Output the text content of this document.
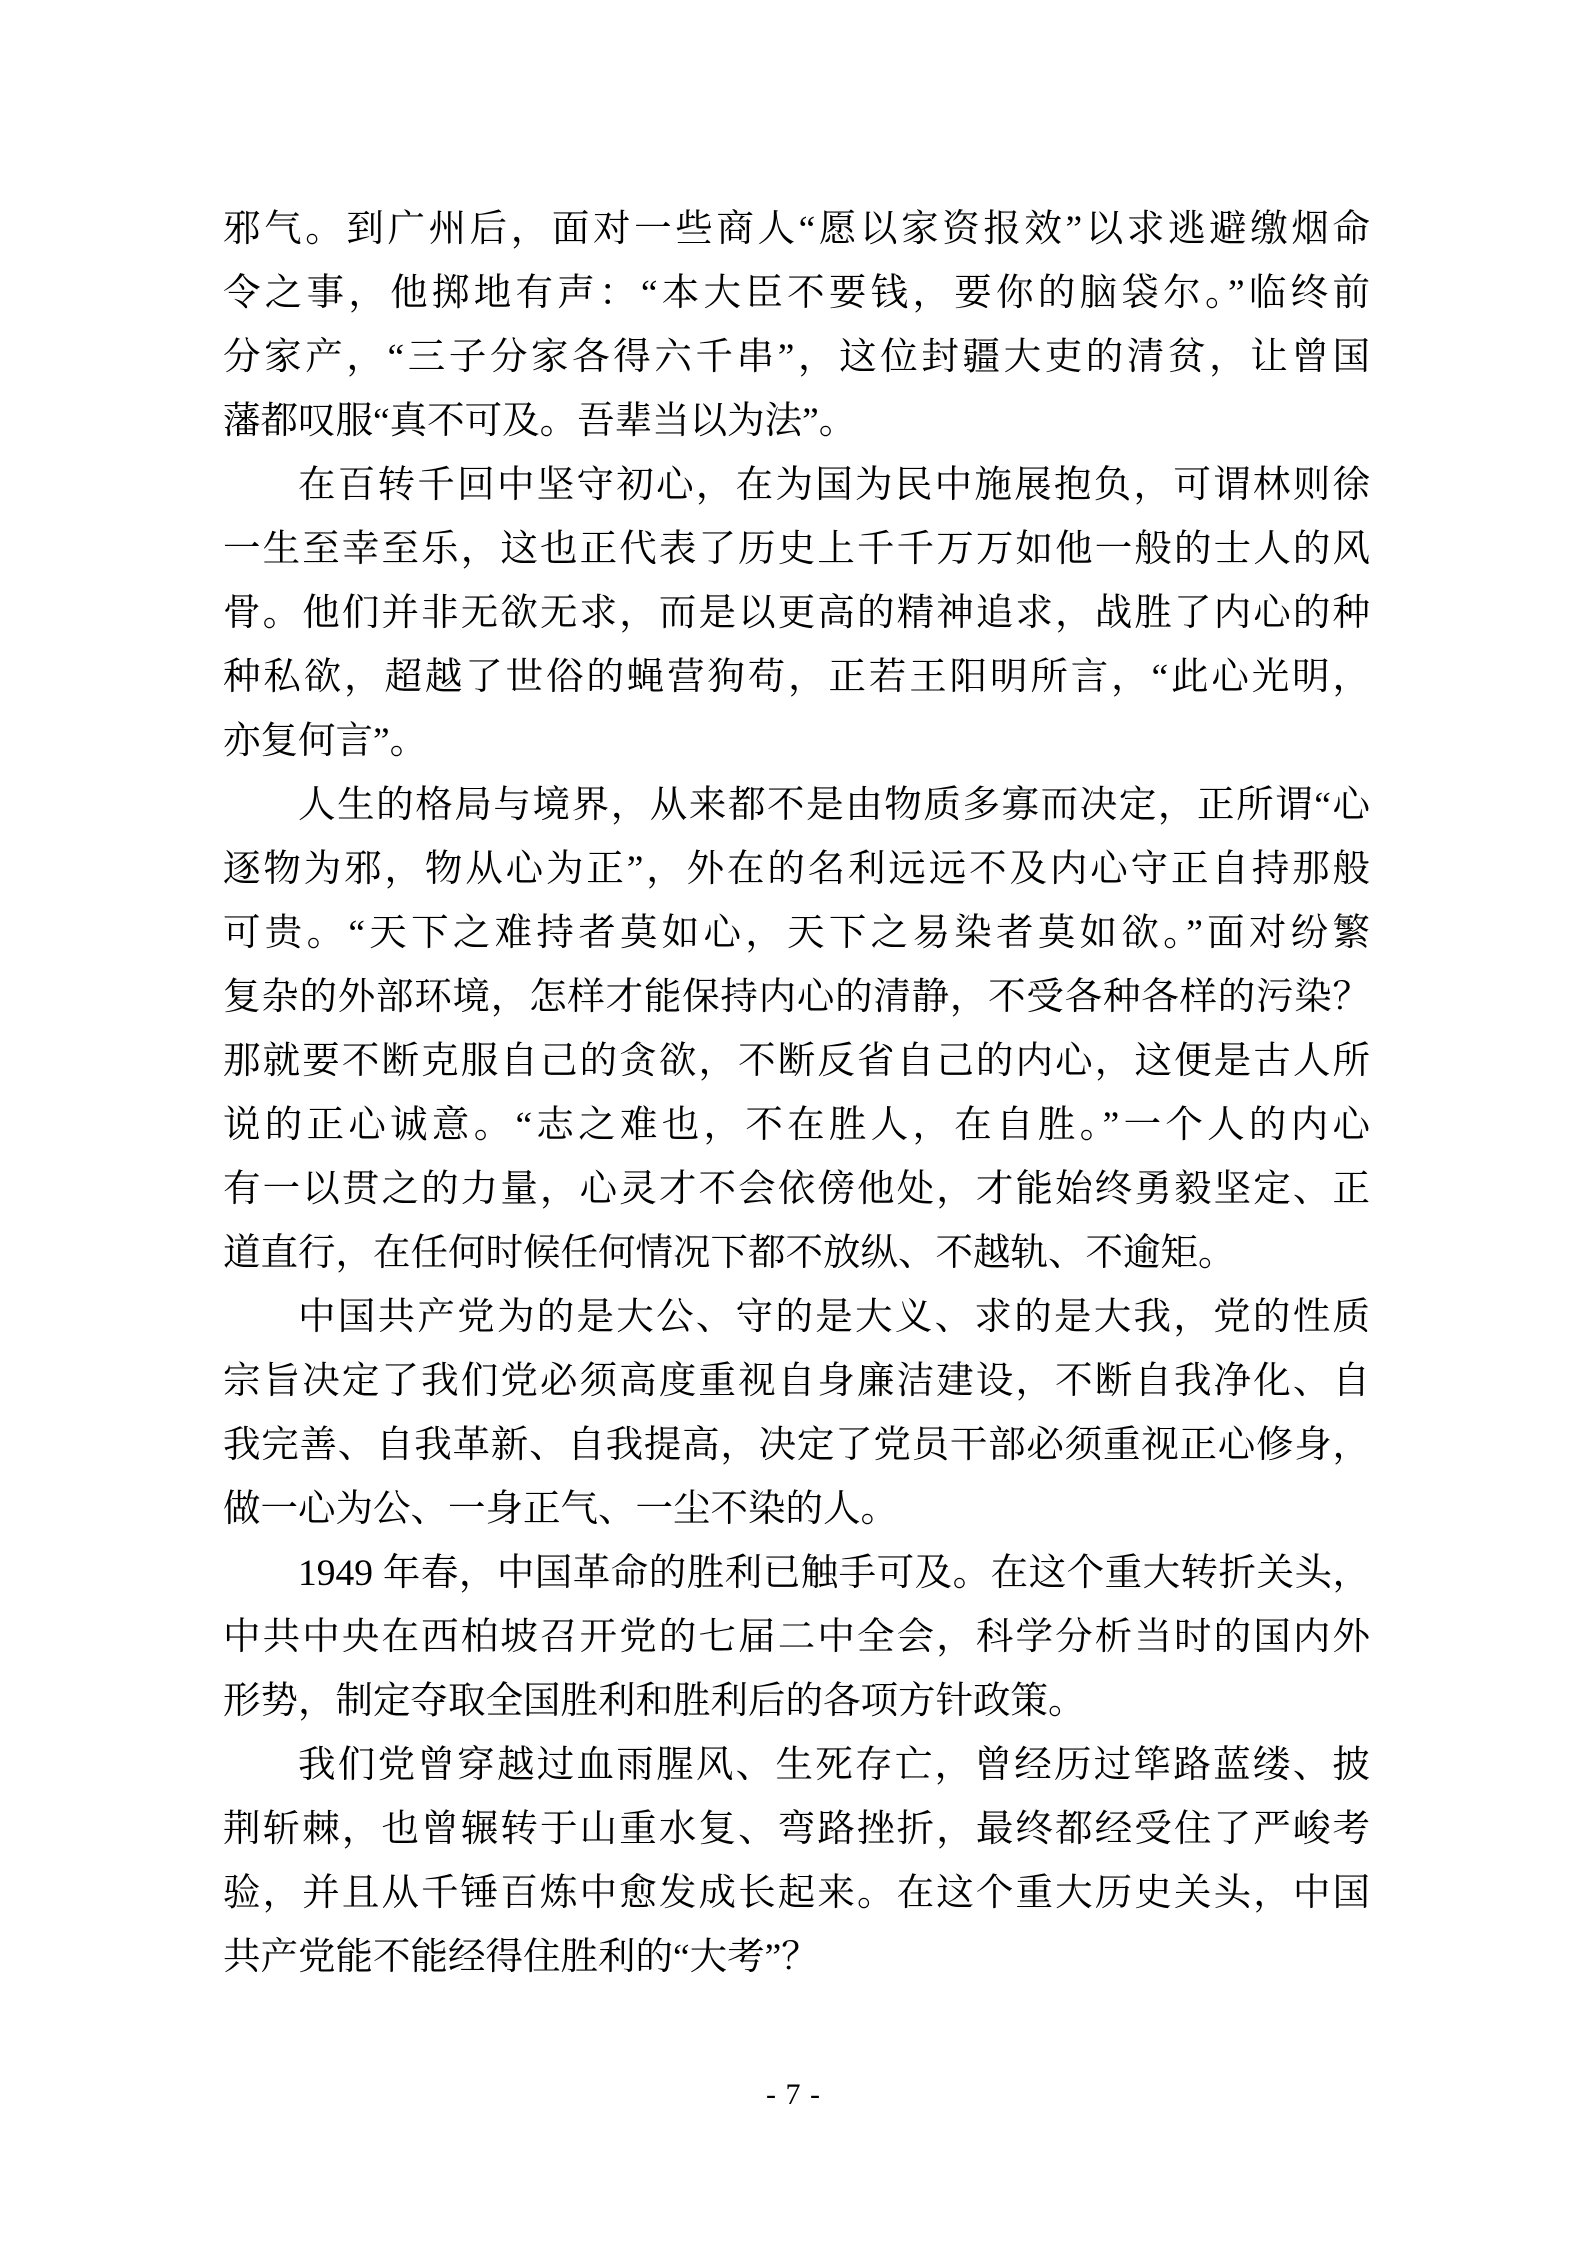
邪气。到广州后，面对一些商人“愿以家资报效”以求逃避缴烟命
令之事，他掷地有声：“本大臣不要钱，要你的脑袋尔。”临终前
分家产，“三子分家各得六千串”，这位封疆大吏的清贫，让曾国
藩都叹服“真不可及。吾辈当以为法”。
在百转千回中坚守初心，在为国为民中施展抱负，可谓林则徐
一生至幸至乐，这也正代表了历史上千千万万如他一般的士人的风
骨。他们并非无欲无求，而是以更高的精神追求，战胜了内心的种
种私欲，超越了世俗的蝇营狗苟，正若王阳明所言，“此心光明，
亦复何言”。
人生的格局与境界，从来都不是由物质多寡而决定，正所谓“心
逐物为邪，物从心为正”，外在的名利远远不及内心守正自持那般
可贵。“天下之难持者莫如心，天下之易染者莫如欲。”面对纷繁
复杂的外部环境，怎样才能保持内心的清静，不受各种各样的污染？
那就要不断克服自己的贪欲，不断反省自己的内心，这便是古人所
说的正心诚意。“志之难也，不在胜人，在自胜。”一个人的内心
有一以贯之的力量，心灵才不会依傍他处，才能始终勇毅坚定、正
道直行，在任何时候任何情况下都不放纵、不越轨、不逾矩。
中国共产党为的是大公、守的是大义、求的是大我，党的性质
宗旨决定了我们党必须高度重视自身廉洁建设，不断自我净化、自
我完善、自我革新、自我提高，决定了党员干部必须重视正心修身，
做一心为公、一身正气、一尘不染的人。
1949 年春，中国革命的胜利已触手可及。在这个重大转折关头，
中共中央在西柏坡召开党的七届二中全会，科学分析当时的国内外
形势，制定夺取全国胜利和胜利后的各项方针政策。
我们党曾穿越过血雨腥风、生死存亡，曾经历过筚路蓝缕、披
荆斩棘，也曾辗转于山重水复、弯路挫折，最终都经受住了严峻考
验，并且从千锤百炼中愈发成长起来。在这个重大历史关头，中国
共产党能不能经得住胜利的“大考”？
- 7 -
